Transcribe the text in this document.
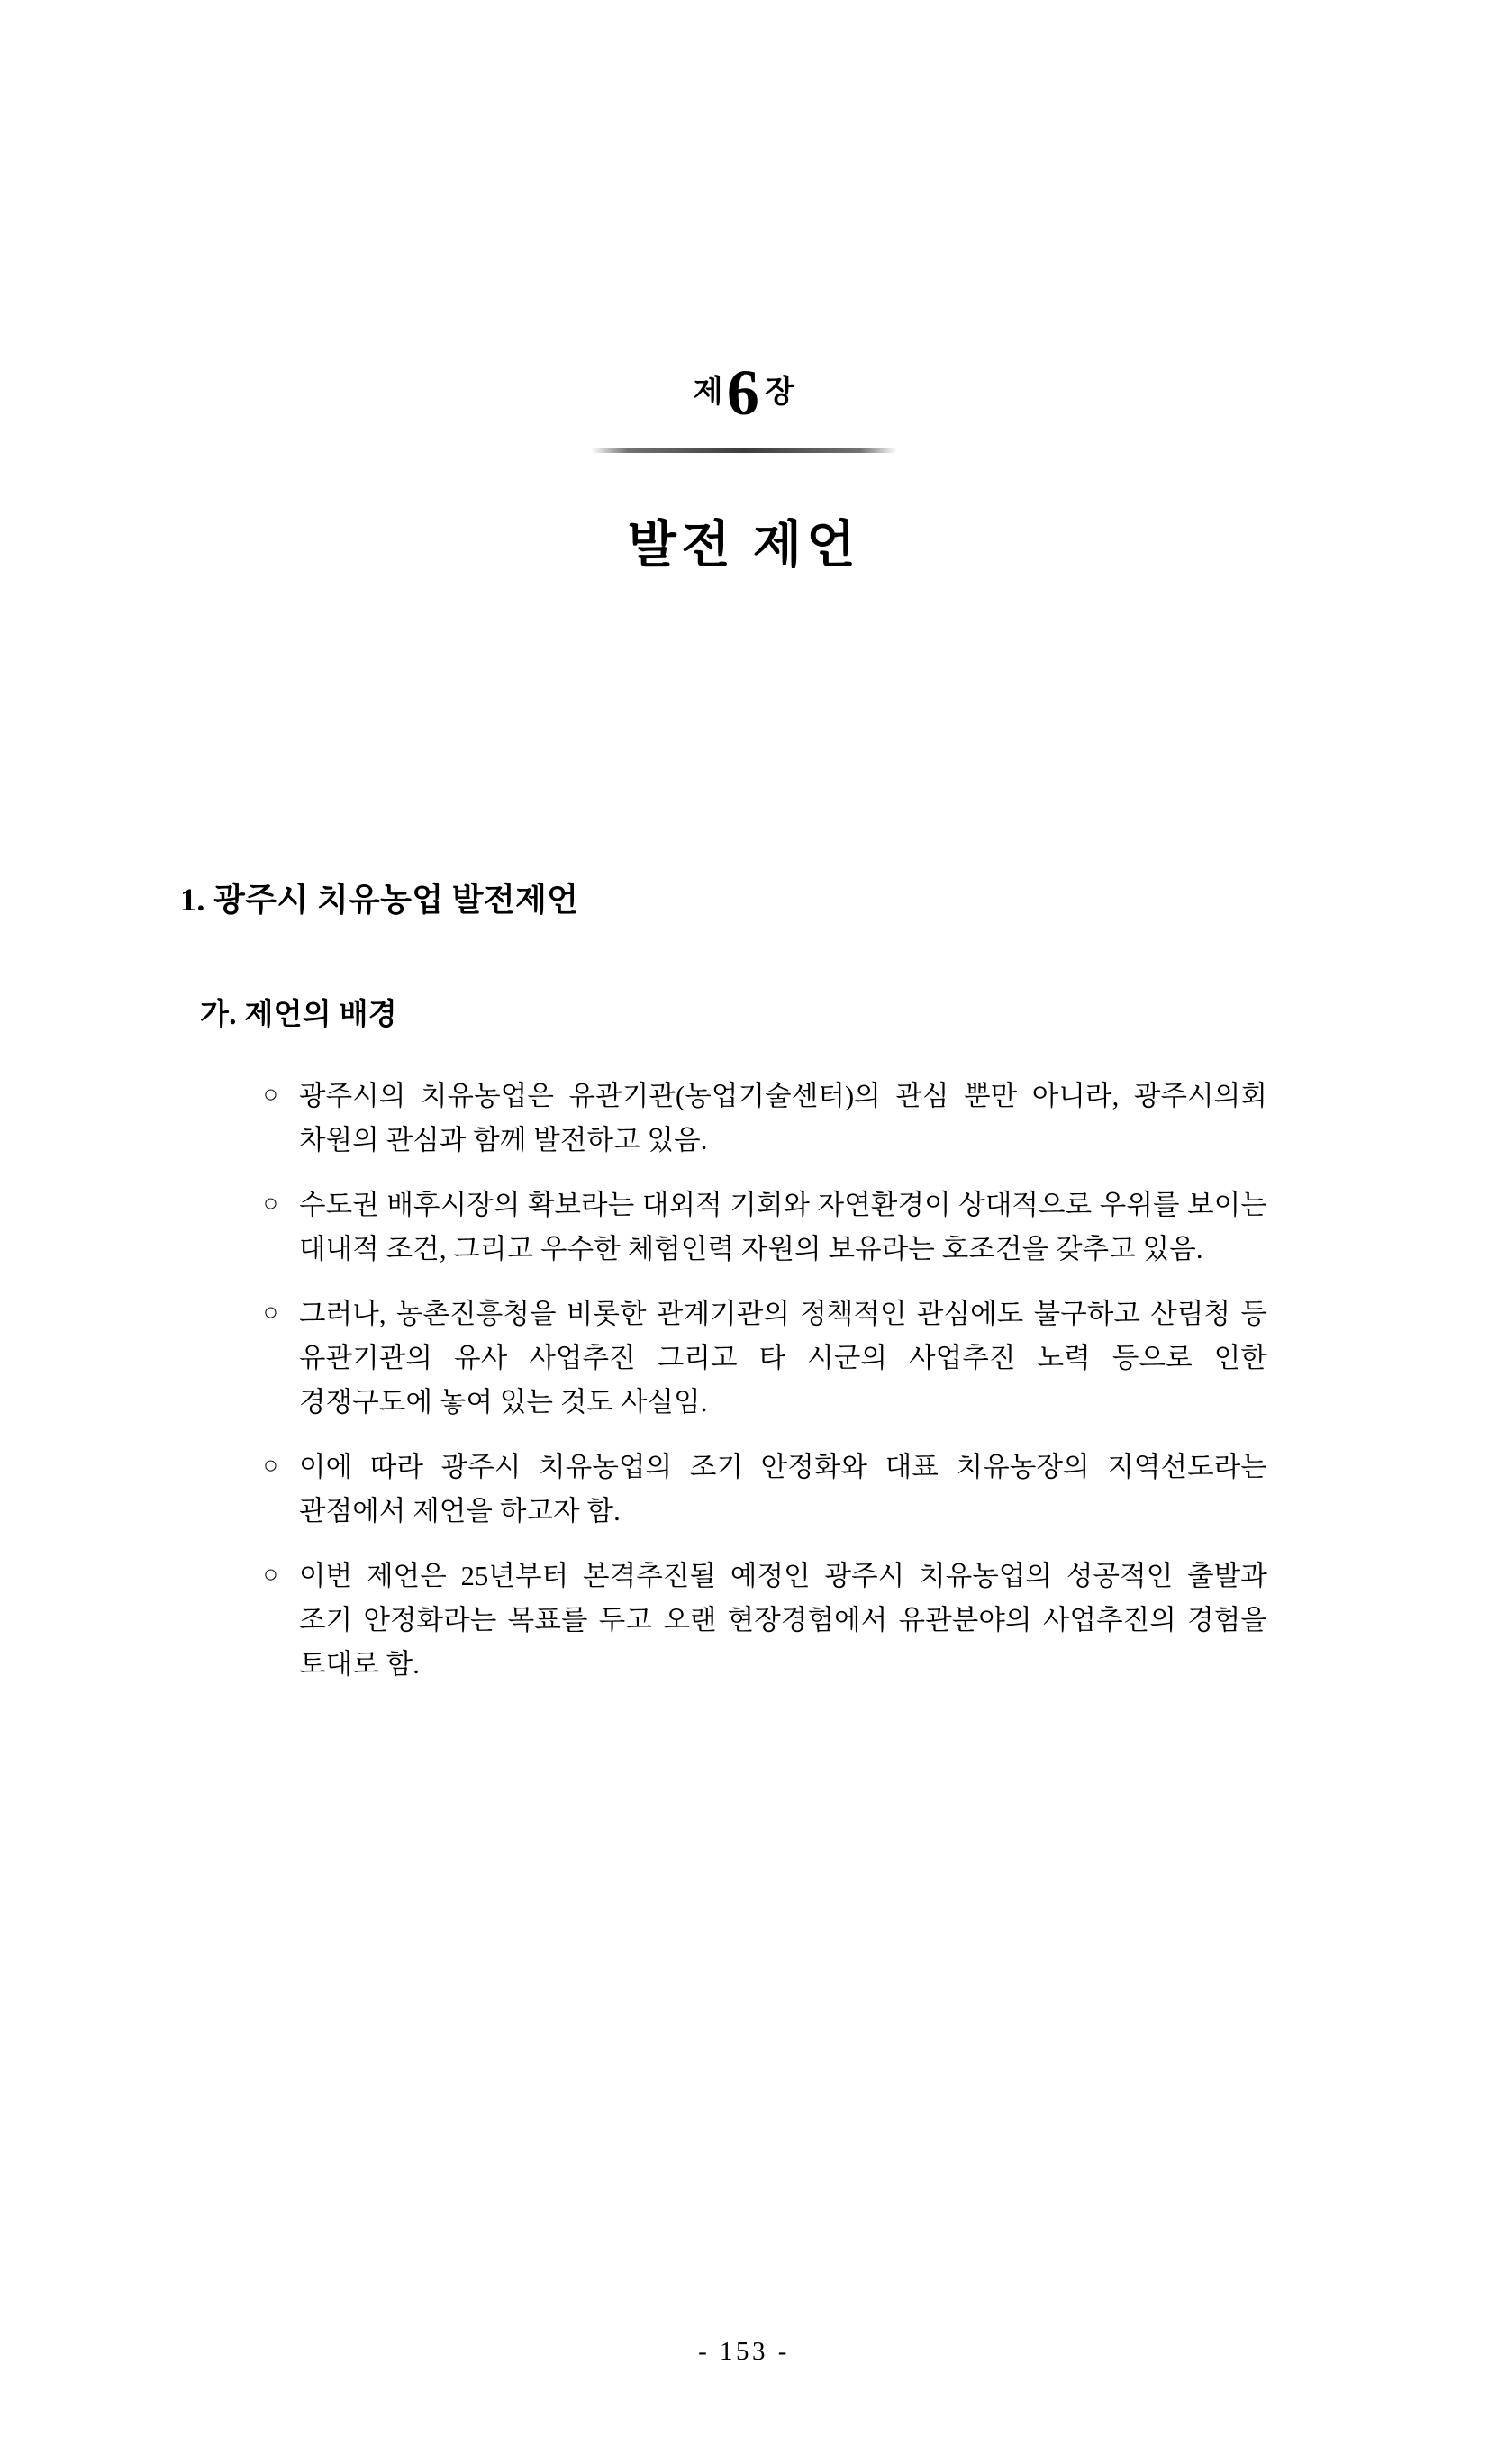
제6 장
발전 제언
1. 광주시 치유농업 발전제언
가. 제언의 배경
○ 광주시의 치유농업은 유관기관(농업기술센터)의 관심 뿐만 아니라, 광주시의회 차원의 관심과 함께 발전하고 있음.
○ 수도권 배후시장의 확보라는 대외적 기회와 자연환경이 상대적으로 우위를 보이는 대내적 조건, 그리고 우수한 체험인력 자원의 보유라는 호조건을 갖추고 있음.
○ 그러나, 농촌진흥청을 비롯한 관계기관의 정책적인 관심에도 불구하고 산림청 등 유관기관의 유사 사업추진 그리고 타 시군의 사업추진 노력 등으로 인한 경쟁구도에 놓여 있는 것도 사실임.
○ 이에 따라 광주시 치유농업의 조기 안정화와 대표 치유농장의 지역선도라는 관점에서 제언을 하고자 함.
○ 이번 제언은 25년부터 본격추진될 예정인 광주시 치유농업의 성공적인 출발과 조기 안정화라는 목표를 두고 오랜 현장경험에서 유관분야의 사업추진의 경험을 토대로 함.
- 153 -
